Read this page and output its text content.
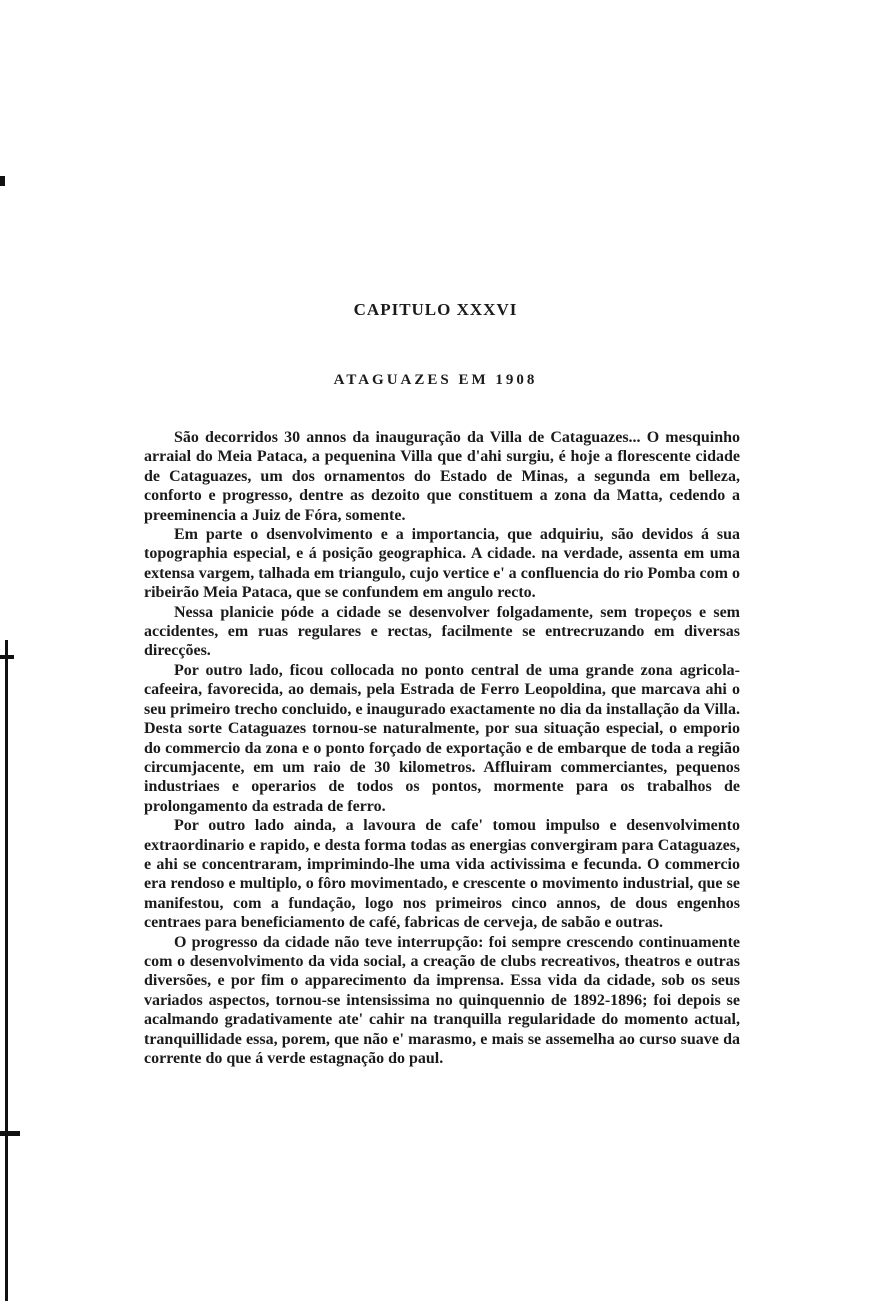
CAPITULO XXXVI
ATAGUAZES EM 1908

São decorridos 30 annos da inauguração da Villa de Cataguazes... O mesquinho arraial do Meia Pataca, a pequenina Villa que d'ahi surgiu, é hoje a florescente cidade de Cataguazes, um dos ornamentos do Estado de Minas, a segunda em belleza, conforto e progresso, dentre as dezoito que constituem a zona da Matta, cedendo a preeminencia a Juiz de Fóra, somente.

Em parte o dsenvolvimento e a importancia, que adquiriu, são devidos á sua topographia especial, e á posição geographica. A cidade. na verdade, assenta em uma extensa vargem, talhada em triangulo, cujo vertice e' a confluencia do rio Pomba com o ribeirão Meia Pataca, que se confundem em angulo recto.

Nessa planicie póde a cidade se desenvolver folgadamente, sem tropeços e sem accidentes, em ruas regulares e rectas, facilmente se entrecruzando em diversas direcções.

Por outro lado, ficou collocada no ponto central de uma grande zona agricola-cafeeira, favorecida, ao demais, pela Estrada de Ferro Leopoldina, que marcava ahi o seu primeiro trecho concluido, e inaugurado exactamente no dia da installação da Villa. Desta sorte Cataguazes tornou-se naturalmente, por sua situação especial, o emporio do commercio da zona e o ponto forçado de exportação e de embarque de toda a região circumjacente, em um raio de 30 kilometros. Affluiram commerciantes, pequenos industriaes e operarios de todos os pontos, mormente para os trabalhos de prolongamento da estrada de ferro.

Por outro lado ainda, a lavoura de cafe' tomou impulso e desenvolvimento extraordinario e rapido, e desta forma todas as energias convergiram para Cataguazes, e ahi se concentraram, imprimindo-lhe uma vida activissima e fecunda. O commercio era rendoso e multiplo, o fôro movimentado, e crescente o movimento industrial, que se manifestou, com a fundação, logo nos primeiros cinco annos, de dous engenhos centraes para beneficiamento de café, fabricas de cerveja, de sabão e outras.

O progresso da cidade não teve interrupção: foi sempre crescendo continuamente com o desenvolvimento da vida social, a creação de clubs recreativos, theatros e outras diversões, e por fim o apparecimento da imprensa. Essa vida da cidade, sob os seus variados aspectos, tornou-se intensissima no quinquennio de 1892-1896; foi depois se acalmando gradativamente ate' cahir na tranquilla regularidade do momento actual, tranquillidade essa, porem, que não e' marasmo, e mais se assemelha ao curso suave da corrente do que á verde estagnação do paul.
